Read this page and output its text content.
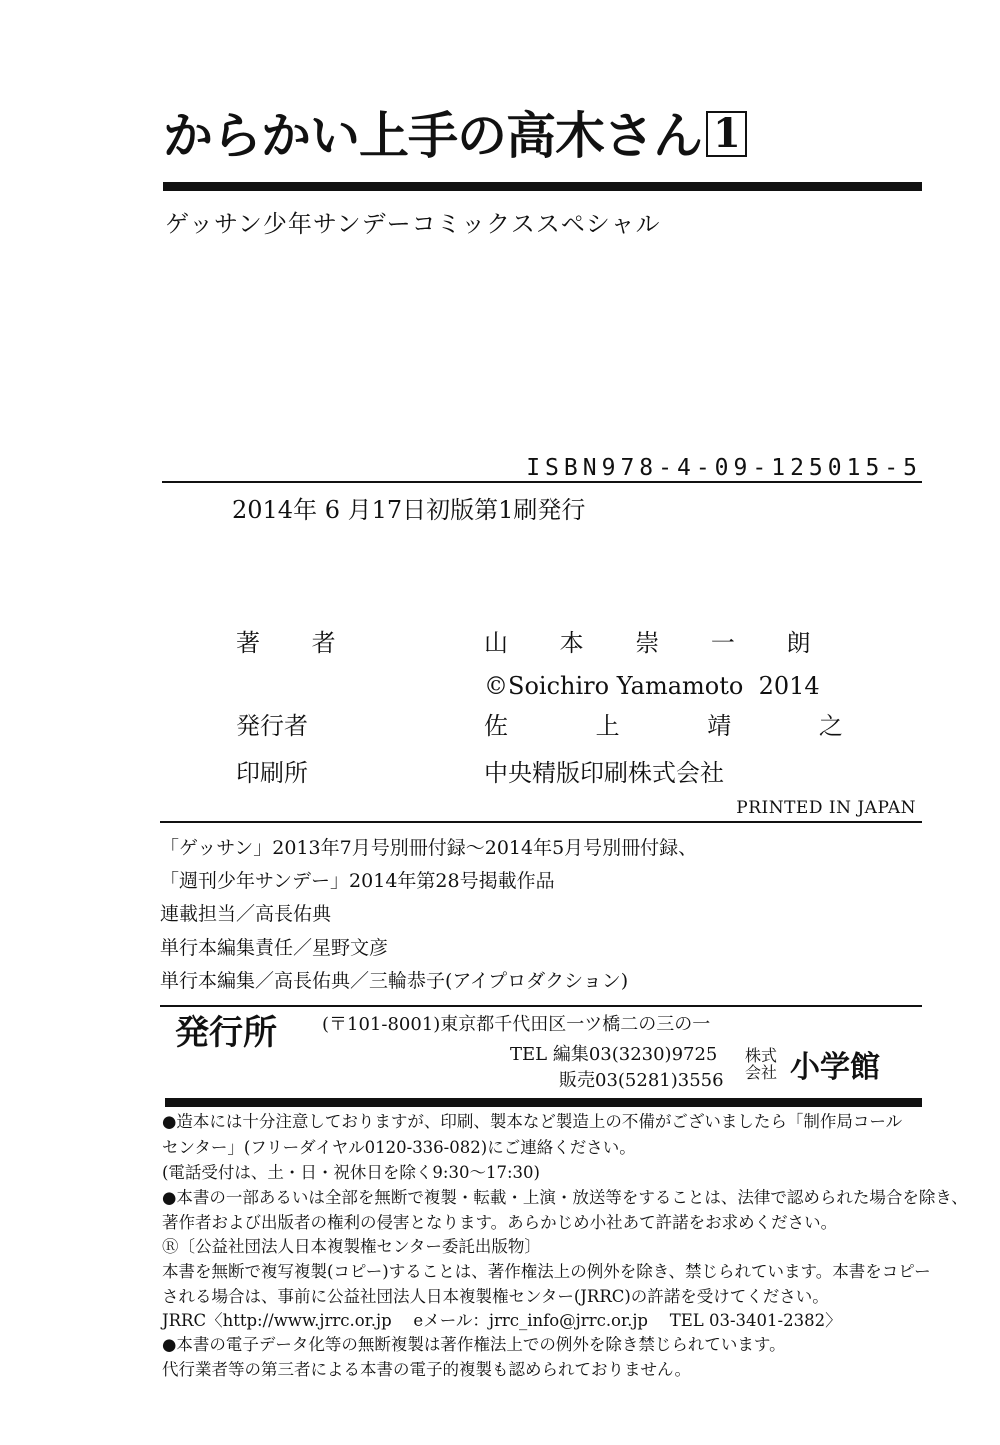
からかい上手の高木さん 1
ゲッサン少年サンデーコミックススペシャル
ISBN978-4-09-125015-5
2014年 6 月17日初版第1刷発行
著 者	山 本 崇 一 朗
©Soichiro Yamamoto  2014
発行者	佐 上 靖 之
印刷所	中央精版印刷株式会社
PRINTED IN JAPAN
「ゲッサン」2013年7月号別冊付録〜2014年5月号別冊付録、
「週刊少年サンデー」2014年第28号掲載作品
連載担当／高長佑典
単行本編集責任／星野文彦
単行本編集／高長佑典／三輪恭子(アイプロダクション)
発行所	(〒101-8001)東京都千代田区一ツ橋二の三の一
TEL 編集03(3230)9725
販売03(5281)3556
株式 会社 小学館
●造本には十分注意しておりますが、印刷、製本など製造上の不備がございましたら「制作局コール
センター」(フリーダイヤル0120-336-082)にご連絡ください。
(電話受付は、土・日・祝休日を除く9:30〜17:30)
●本書の一部あるいは全部を無断で複製・転載・上演・放送等をすることは、法律で認められた場合を除き、
著作者および出版者の権利の侵害となります。あらかじめ小社あて許諾をお求めください。
Ⓡ〔公益社団法人日本複製権センター委託出版物〕
本書を無断で複写複製(コピー)することは、著作権法上の例外を除き、禁じられています。本書をコピー
される場合は、事前に公益社団法人日本複製権センター(JRRC)の許諾を受けてください。
JRRC〈http://www.jrrc.or.jp　 eメール：jrrc_info@jrrc.or.jp　 TEL 03-3401-2382〉
●本書の電子データ化等の無断複製は著作権法上での例外を除き禁じられています。
代行業者等の第三者による本書の電子的複製も認められておりません。
